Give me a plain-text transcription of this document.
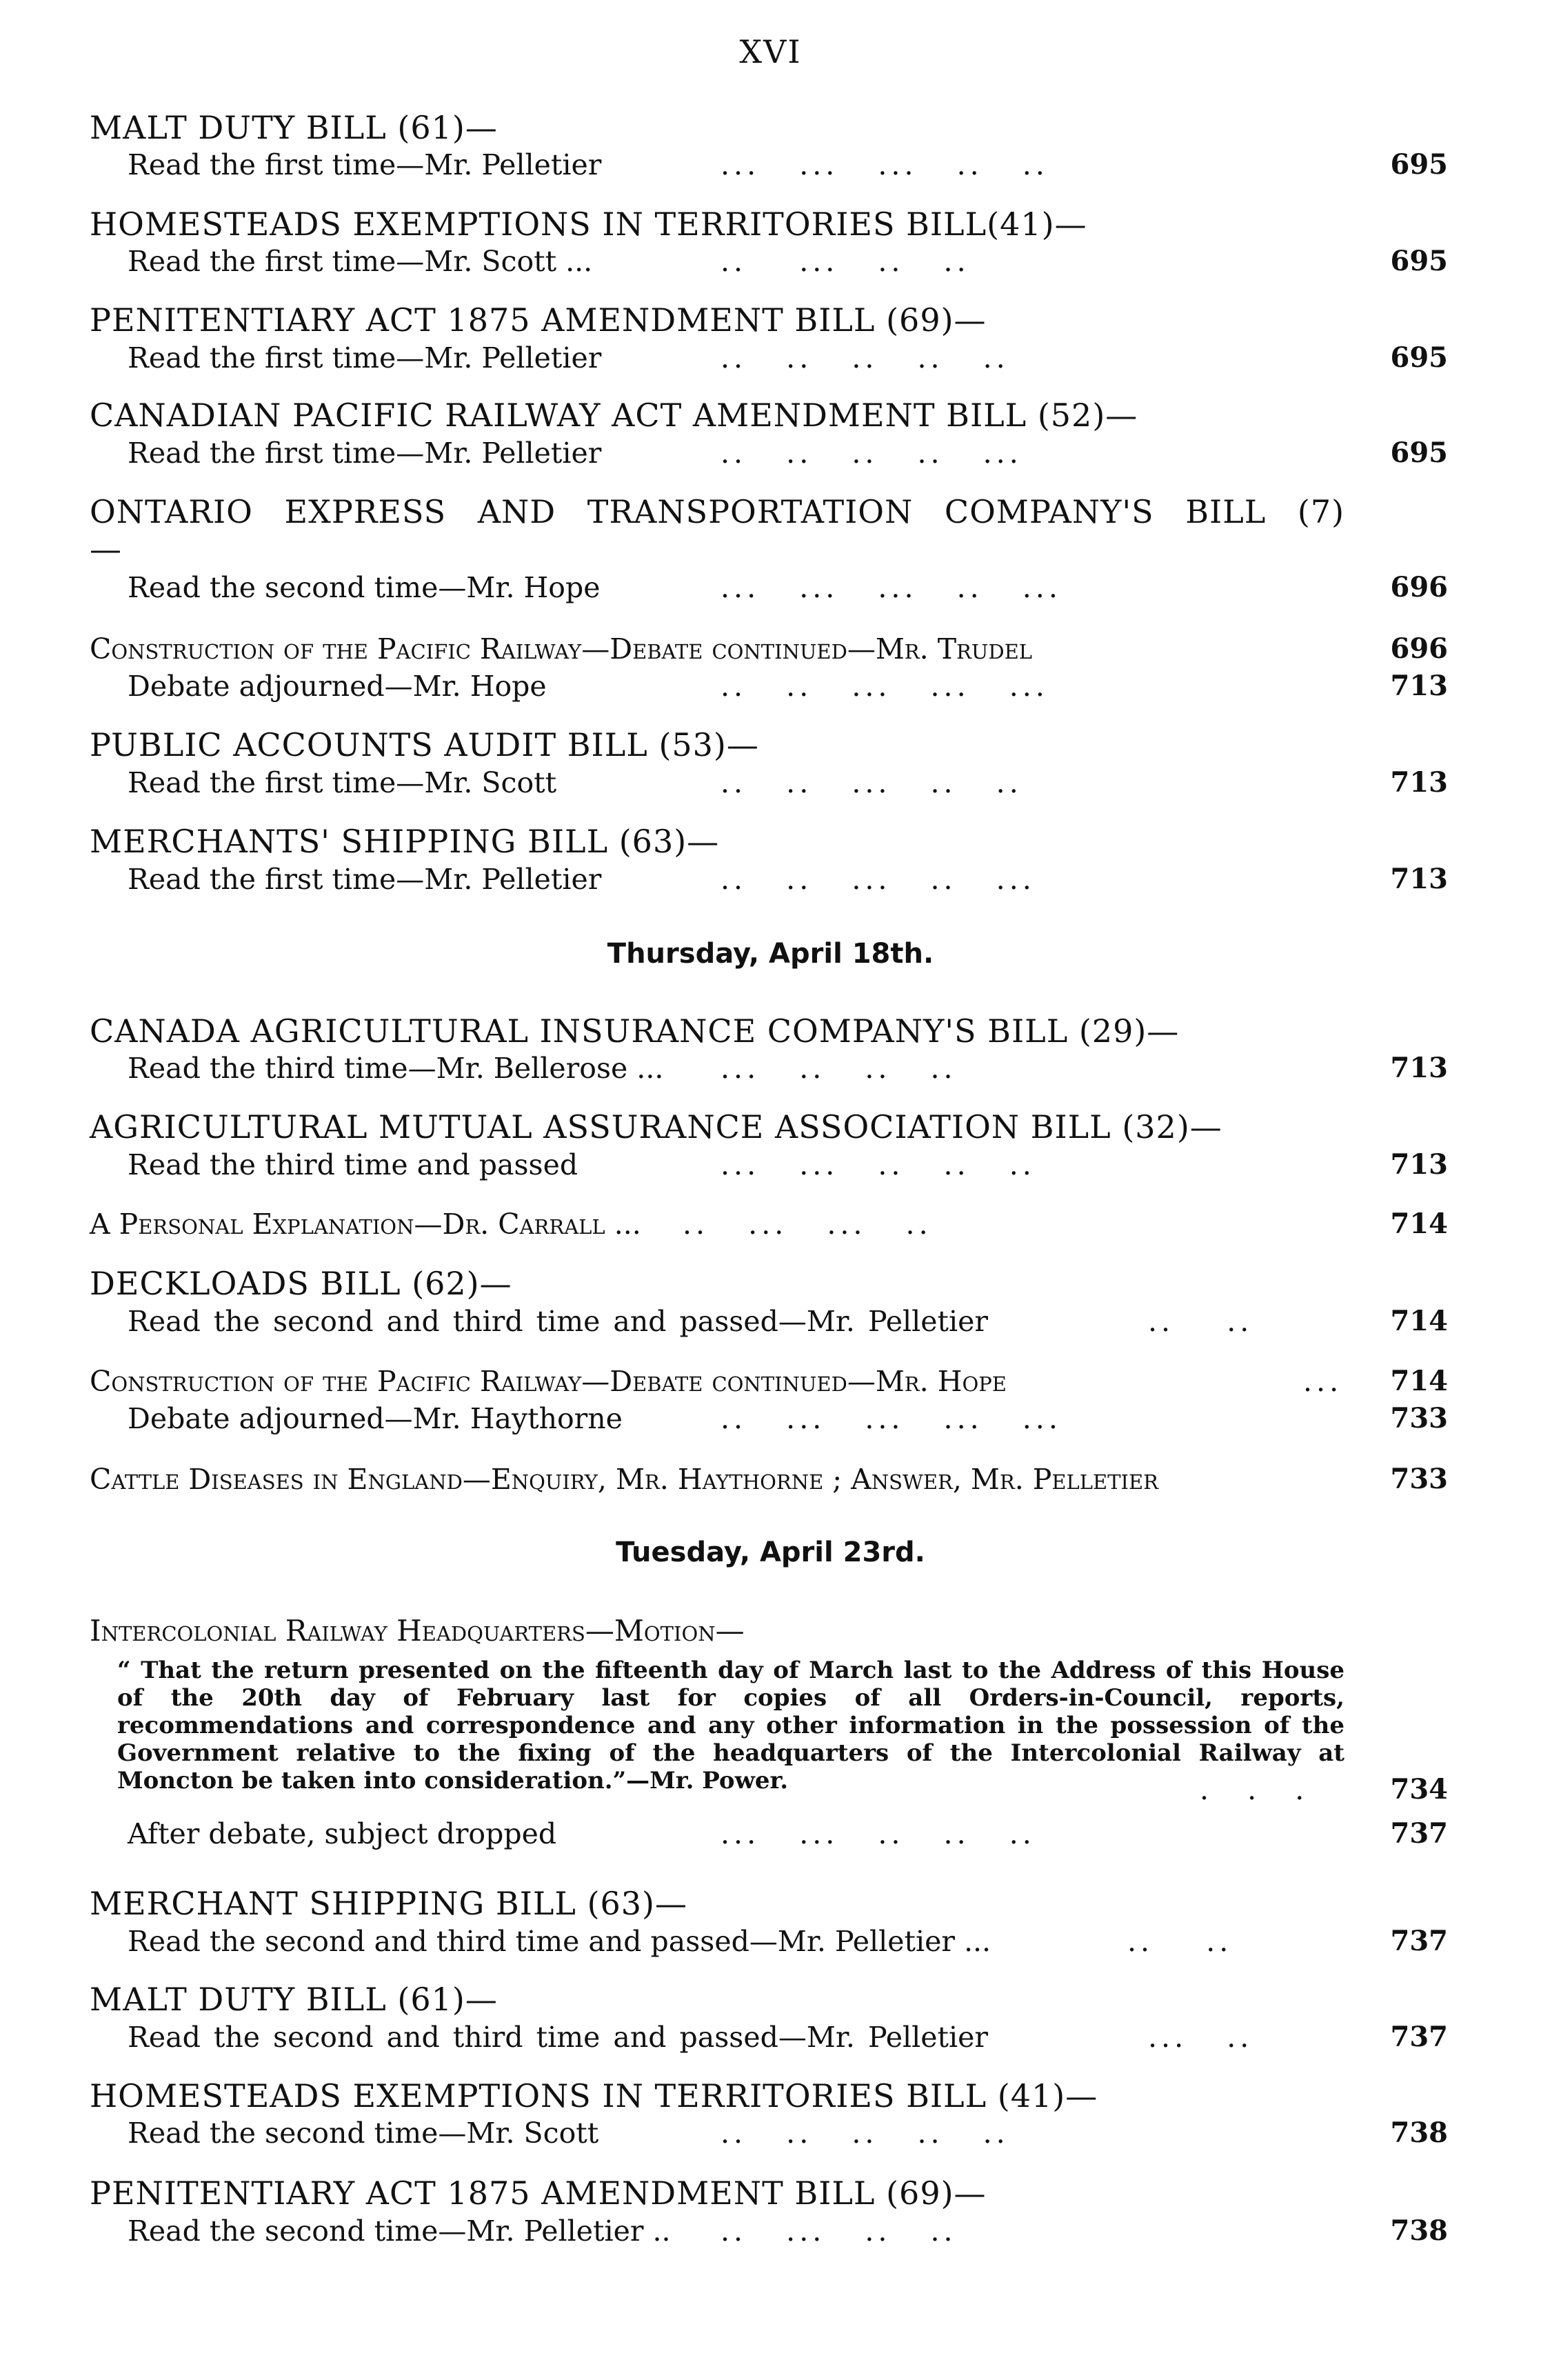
XVI
MALT DUTY BILL (61)—
Read the first time—Mr. Pelletier	...   ...   ...   ..   ..	695
HOMESTEADS EXEMPTIONS IN TERRITORIES BILL(41)—
Read the first time—Mr. Scott ...	..    ...   ..   ..	695
PENITENTIARY ACT 1875 AMENDMENT BILL (69)—
Read the first time—Mr. Pelletier	..   ..   ..   ..   ..	695
CANADIAN PACIFIC RAILWAY ACT AMENDMENT BILL (52)—
Read the first time—Mr. Pelletier	..   ..   ..   ..   ...	695
ONTARIO EXPRESS AND TRANSPORTATION COMPANY'S BILL (7)—
Read the second time—Mr. Hope	...   ...   ...   ..   ...	696
Construction of the Pacific Railway—Debate continued—Mr. Trudel	696
Debate adjourned—Mr. Hope	..   ..   ...   ...   ...	713
PUBLIC ACCOUNTS AUDIT BILL (53)—
Read the first time—Mr. Scott	..   ..   ...   ..   ..	713
MERCHANTS' SHIPPING BILL (63)—
Read the first time—Mr. Pelletier	..   ..   ...   ..   ...	713
Thursday, April 18th.
CANADA AGRICULTURAL INSURANCE COMPANY'S BILL (29)—
Read the third time—Mr. Bellerose ... ...   ..   ..   ..	713
AGRICULTURAL MUTUAL ASSURANCE ASSOCIATION BILL (32)—
Read the third time and passed	...   ...   ..   ..   ..	713
A Personal Explanation—Dr. Carrall ... ..   ...   ...   ..	714
DECKLOADS BILL (62)—
Read the second and third time and passed—Mr. Pelletier	..    ..	714
Construction of the Pacific Railway—Debate continued—Mr. Hope	...	714
Debate adjourned—Mr. Haythorne	..   ...   ...   ...   ...	733
Cattle Diseases in England—Enquiry, Mr. Haythorne ; Answer, Mr. Pelletier	733
Tuesday, April 23rd.
Intercolonial Railway Headquarters—Motion—
“ That the return presented on the fifteenth day of March last to the Address of this House of the 20th day of February last for copies of all Orders-in-Council, reports, recommendations and correspondence and any other information in the possession of the Government relative to the fixing of the headquarters of the Intercolonial Railway at Moncton be taken into consideration.”—Mr. Power.	.  .  .	734
After debate, subject dropped	...   ...   ..   ..   ..	737
MERCHANT SHIPPING BILL (63)—
Read the second and third time and passed—Mr. Pelletier ...	..    ..	737
MALT DUTY BILL (61)—
Read the second and third time and passed—Mr. Pelletier	...   ..	737
HOMESTEADS EXEMPTIONS IN TERRITORIES BILL (41)—
Read the second time—Mr. Scott	..   ..   ..   ..   ..	738
PENITENTIARY ACT 1875 AMENDMENT BILL (69)—
Read the second time—Mr. Pelletier .. ..   ...   ..   ..	738
